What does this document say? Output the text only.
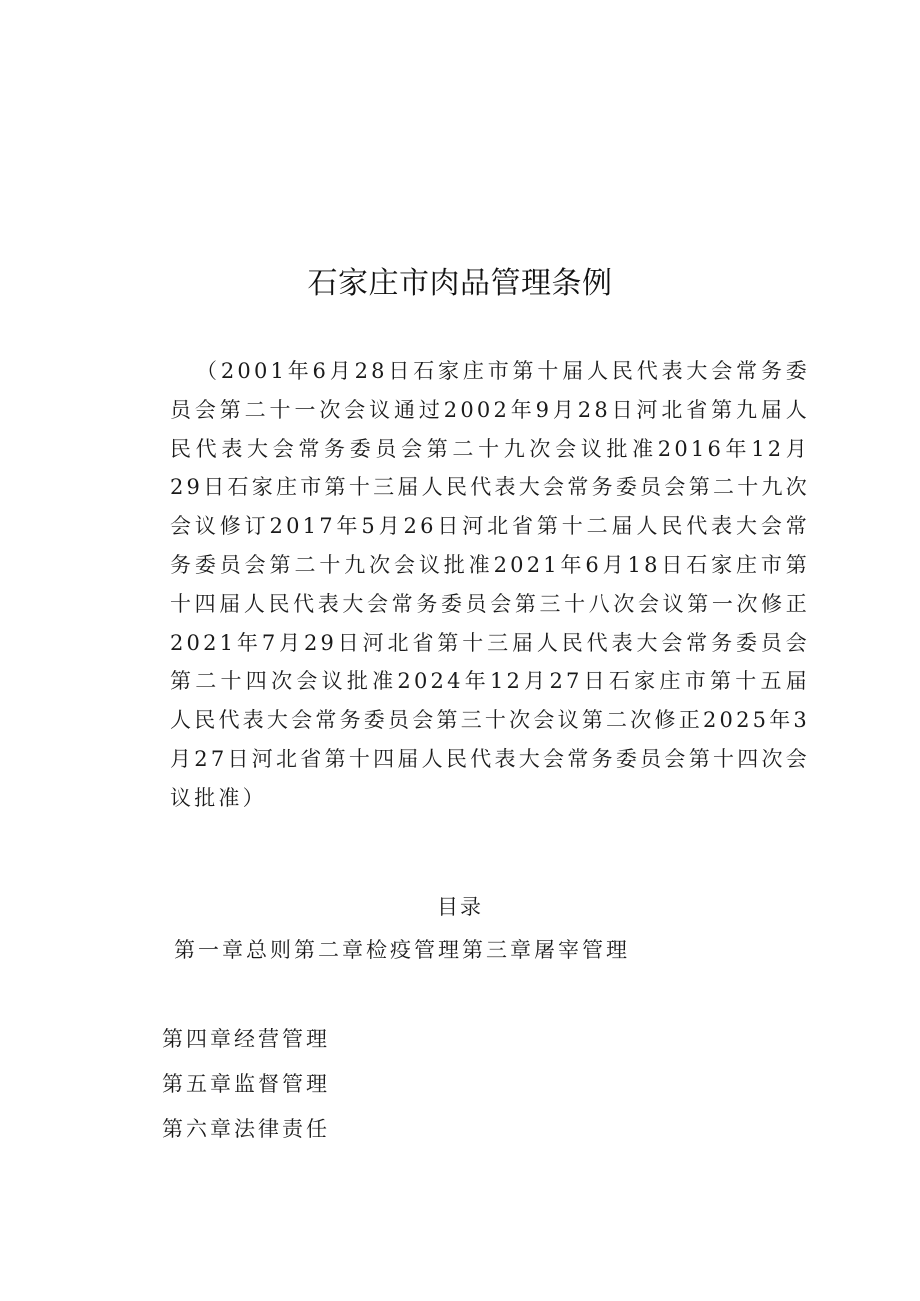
石家庄市肉品管理条例

（2001年6月28日石家庄市第十届人民代表大会常务委员会第二十一次会议通过2002年9月28日河北省第九届人民代表大会常务委员会第二十九次会议批准2016年12月29日石家庄市第十三届人民代表大会常务委员会第二十九次会议修订2017年5月26日河北省第十二届人民代表大会常务委员会第二十九次会议批准2021年6月18日石家庄市第十四届人民代表大会常务委员会第三十八次会议第一次修正2021年7月29日河北省第十三届人民代表大会常务委员会第二十四次会议批准2024年12月27日石家庄市第十五届人民代表大会常务委员会第三十次会议第二次修正2025年3月27日河北省第十四届人民代表大会常务委员会第十四次会议批准）

目录
第一章总则第二章检疫管理第三章屠宰管理
第四章经营管理
第五章监督管理
第六章法律责任
